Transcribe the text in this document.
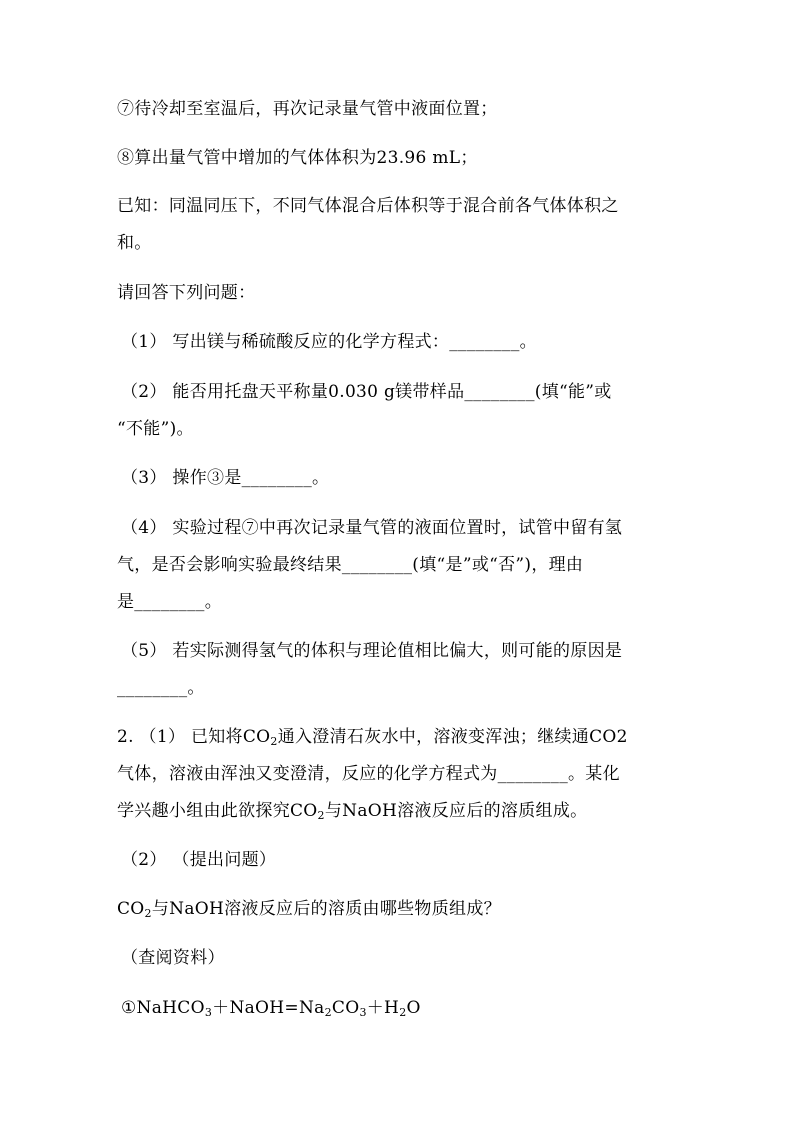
⑦待冷却至室温后，再次记录量气管中液面位置；
⑧算出量气管中增加的气体体积为23.96 mL；
已知：同温同压下，不同气体混合后体积等于混合前各气体体积之
和。
请回答下列问题：
（1） 写出镁与稀硫酸反应的化学方程式：________。
（2） 能否用托盘天平称量0.030 g镁带样品________(填“能”或
“不能”)。
（3） 操作③是________。
（4） 实验过程⑦中再次记录量气管的液面位置时，试管中留有氢
气，是否会影响实验最终结果________(填“是”或“否”)，理由
是________。
（5） 若实际测得氢气的体积与理论值相比偏大，则可能的原因是
________。
2. （1） 已知将$CO_2$通入澄清石灰水中，溶液变浑浊；继续通CO2
气体，溶液由浑浊又变澄清，反应的化学方程式为________。某化
学兴趣小组由此欲探究$CO_2$与NaOH溶液反应后的溶质组成。
（2） （提出问题）
$CO_2$与NaOH溶液反应后的溶质由哪些物质组成？
（查阅资料）
$①NaHCO_3+NaOH=Na_2CO_3+H_2O$
